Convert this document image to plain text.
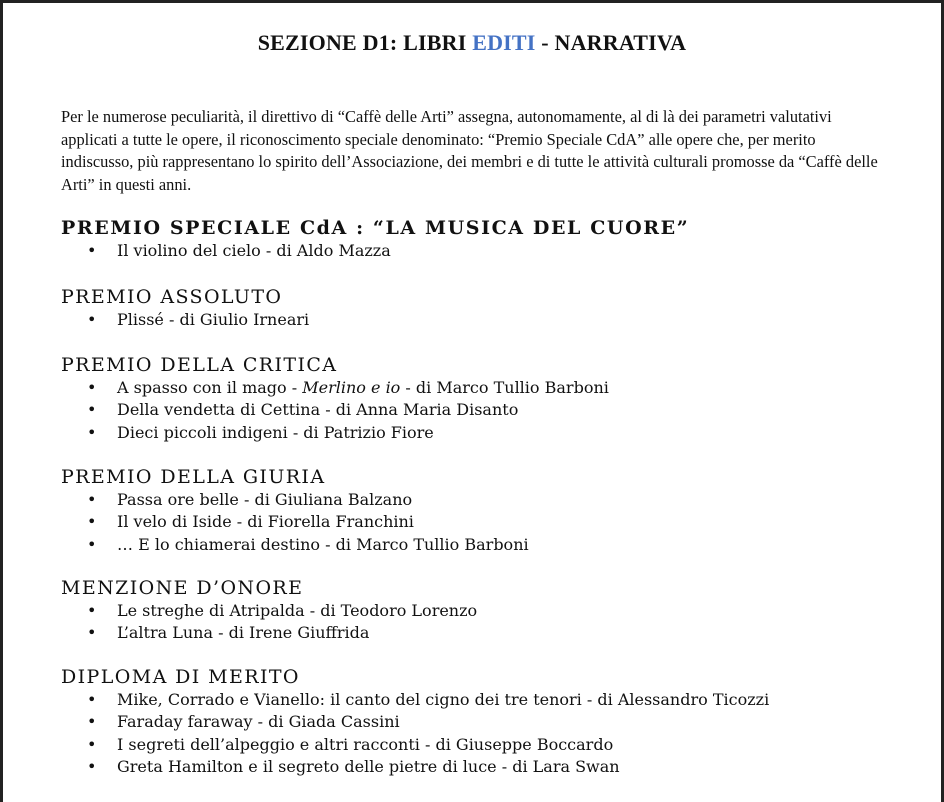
SEZIONE D1: LIBRI EDITI - NARRATIVA

Per le numerose peculiarità, il direttivo di “Caffè delle Arti” assegna, autonomamente, al di là dei parametri valutativi applicati a tutte le opere, il riconoscimento speciale denominato: “Premio Speciale CdA” alle opere che, per merito indiscusso, più rappresentano lo spirito dell’Associazione, dei membri e di tutte le attività culturali promosse da “Caffè delle Arti” in questi anni.

PREMIO SPECIALE CdA : “LA MUSICA DEL CUORE”
• Il violino del cielo - di Aldo Mazza
PREMIO ASSOLUTO
• Plissé - di Giulio Irneari
PREMIO DELLA CRITICA
• A spasso con il mago - Merlino e io - di Marco Tullio Barboni
• Della vendetta di Cettina - di Anna Maria Disanto
• Dieci piccoli indigeni - di Patrizio Fiore
PREMIO DELLA GIURIA
• Passa ore belle - di Giuliana Balzano
• Il velo di Iside - di Fiorella Franchini
• … E lo chiamerai destino - di Marco Tullio Barboni
MENZIONE D’ONORE
• Le streghe di Atripalda - di Teodoro Lorenzo
• L’altra Luna - di Irene Giuffrida
DIPLOMA DI MERITO
• Mike, Corrado e Vianello: il canto del cigno dei tre tenori - di Alessandro Ticozzi
• Faraday faraway - di Giada Cassini
• I segreti dell’alpeggio e altri racconti - di Giuseppe Boccardo
• Greta Hamilton e il segreto delle pietre di luce - di Lara Swan
